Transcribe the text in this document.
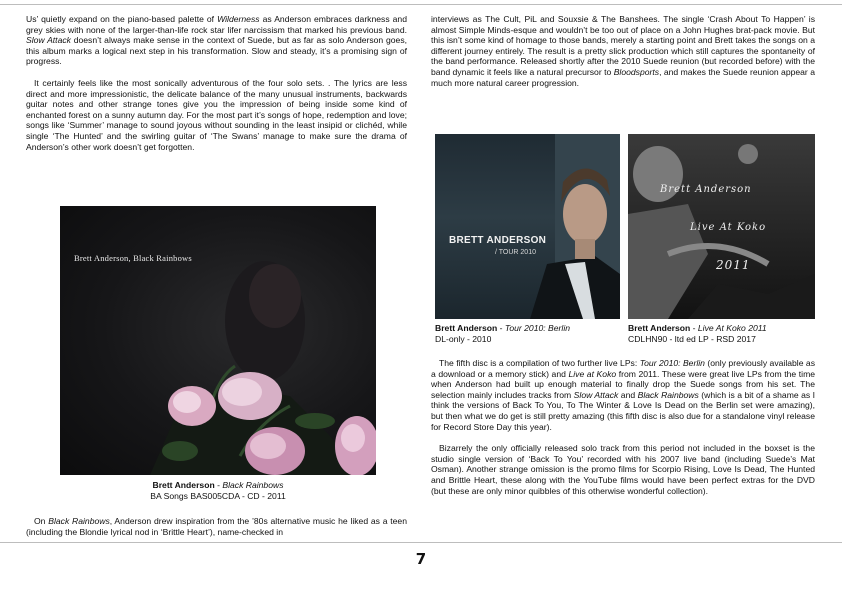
Us’ quietly expand on the piano-based palette of Wilderness as Anderson embraces darkness and grey skies with none of the larger-than-life rock star lifer narcissism that marked his previous band. Slow Attack doesn’t always make sense in the context of Suede, but as far as solo Anderson goes, this album marks a logical next step in his transformation. Slow and steady, it’s a promising sign of progress.

It certainly feels like the most sonically adventurous of the four solo sets. . The lyrics are less direct and more impressionistic, the delicate balance of the many unusual instruments, backwards guitar notes and other strange tones give you the impression of being inside some kind of enchanted forest on a sunny autumn day. For the most part it’s songs of hope, redemption and love; songs like ‘Summer’ manage to sound joyous without sounding in the least insipid or clichéd, while single ‘The Hunted’ and the swirling guitar of ‘The Swans’ manage to make sure the drama of Anderson’s other work doesn’t get forgotten.

Brett Anderson, Black Rainbows
Brett Anderson - Black Rainbows
BA Songs BAS005CDA - CD - 2011

On Black Rainbows, Anderson drew inspiration from the ’80s alternative music he liked as a teen (including the Blondie lyrical nod in ‘Brittle Heart’), name-checked in

interviews as The Cult, PiL and Souxsie & The Banshees. The single ‘Crash About To Happen’ is almost Simple Minds-esque and wouldn’t be too out of place on a John Hughes brat-pack movie. But this isn’t some kind of homage to those bands, merely a starting point and Brett takes the songs on a different journey entirely. The result is a pretty slick production which still captures the spontaneity of the band performance. Released shortly after the 2010 Suede reunion (but recorded before) with the band dynamic it feels like a natural precursor to Bloodsports, and makes the Suede reunion appear a much more natural career progression.

BRETT ANDERSON
/ TOUR 2010
Brett Anderson - Tour 2010: Berlin
DL-only - 2010
Brett Anderson
Live At Koko
2011
Brett Anderson - Live At Koko 2011
CDLHN90 - ltd ed LP - RSD 2017

The fifth disc is a compilation of two further live LPs: Tour 2010: Berlin (only previously available as a download or a memory stick) and Live at Koko from 2011. These were great live LPs from the time when Anderson had built up enough material to finally drop the Suede songs from his set. The selection mainly includes tracks from Slow Attack and Black Rainbows (which is a bit of a shame as I think the versions of Back To You, To The Winter & Love Is Dead on the Berlin set were amazing), but then what we do get is still pretty amazing (this fifth disc is also due for a standalone vinyl release for Record Store Day this year).

Bizarrely the only officially released solo track from this period not included in the boxset is the studio single version of ‘Back To You’ recorded with his 2007 live band (including Suede’s Mat Osman). Another strange omission is the promo films for Scorpio Rising, Love Is Dead, The Hunted and Brittle Heart, these along with the YouTube films would have been perfect extras for the DVD (but these are only minor quibbles of this otherwise wonderful collection).

7
